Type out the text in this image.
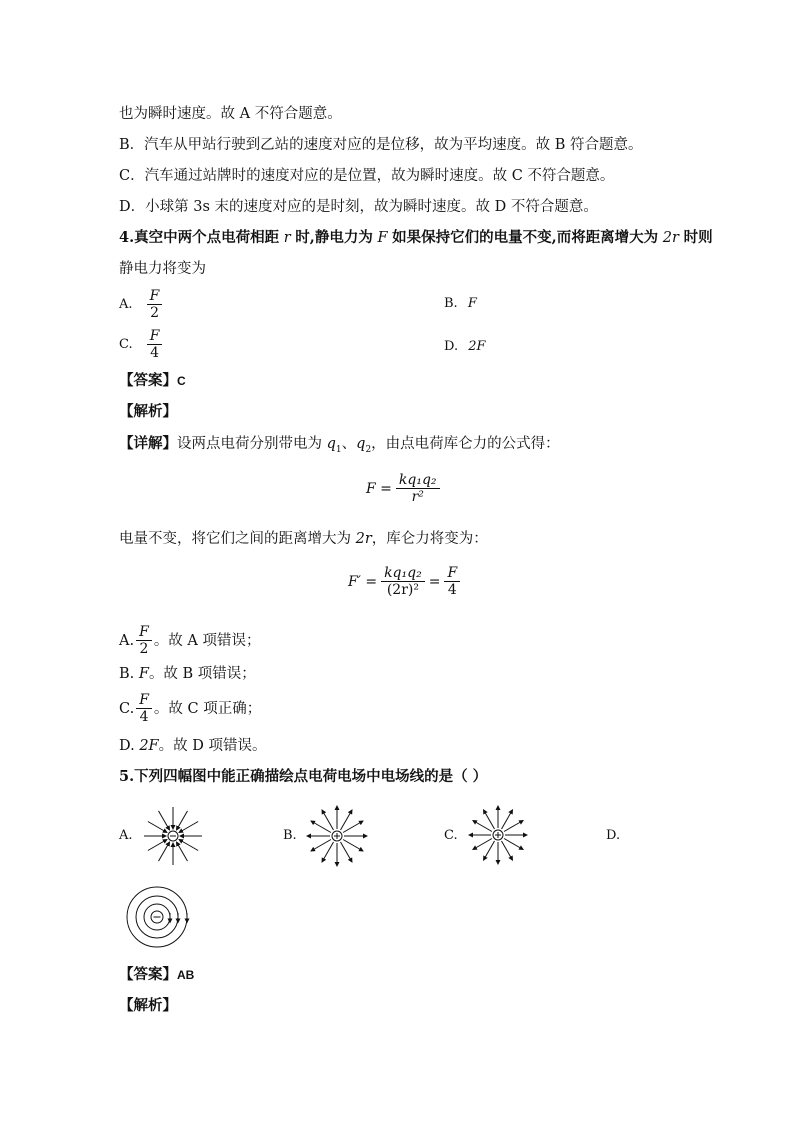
也为瞬时速度。故 A 不符合题意。
B．汽车从甲站行驶到乙站的速度对应的是位移，故为平均速度。故 B 符合题意。
C．汽车通过站牌时的速度对应的是位置，故为瞬时速度。故 C 不符合题意。
D．小球第 3s 末的速度对应的是时刻，故为瞬时速度。故 D 不符合题意。
4.真空中两个点电荷相距 r 时,静电力为 F 如果保持它们的电量不变,而将距离增大为 2r 时则
静电力将变为
A. $\frac{F}{2}$	B. F
C. $\frac{F}{4}$	D. 2F
【答案】C
【解析】
【详解】设两点电荷分别带电为 $q_1$、$q_2$，由点电荷库仑力的公式得：
$F = \frac{\text{kq₁q₂}}{\text{r²}}$
电量不变，将它们之间的距离增大为 2r，库仑力将变为：
$F' = \frac{\text{kq₁q₂}}{\text{(2r)²}} = \frac{F}{4}$
A. $\frac{F}{2}$ 。故 A 项错误；
B. F。故 B 项错误；
C. $\frac{F}{4}$ 。故 C 项正确；
D. 2F。故 D 项错误。
5.下列四幅图中能正确描绘点电荷电场中电场线的是（ ）
A.	B.	C.	D.
【答案】AB
【解析】
